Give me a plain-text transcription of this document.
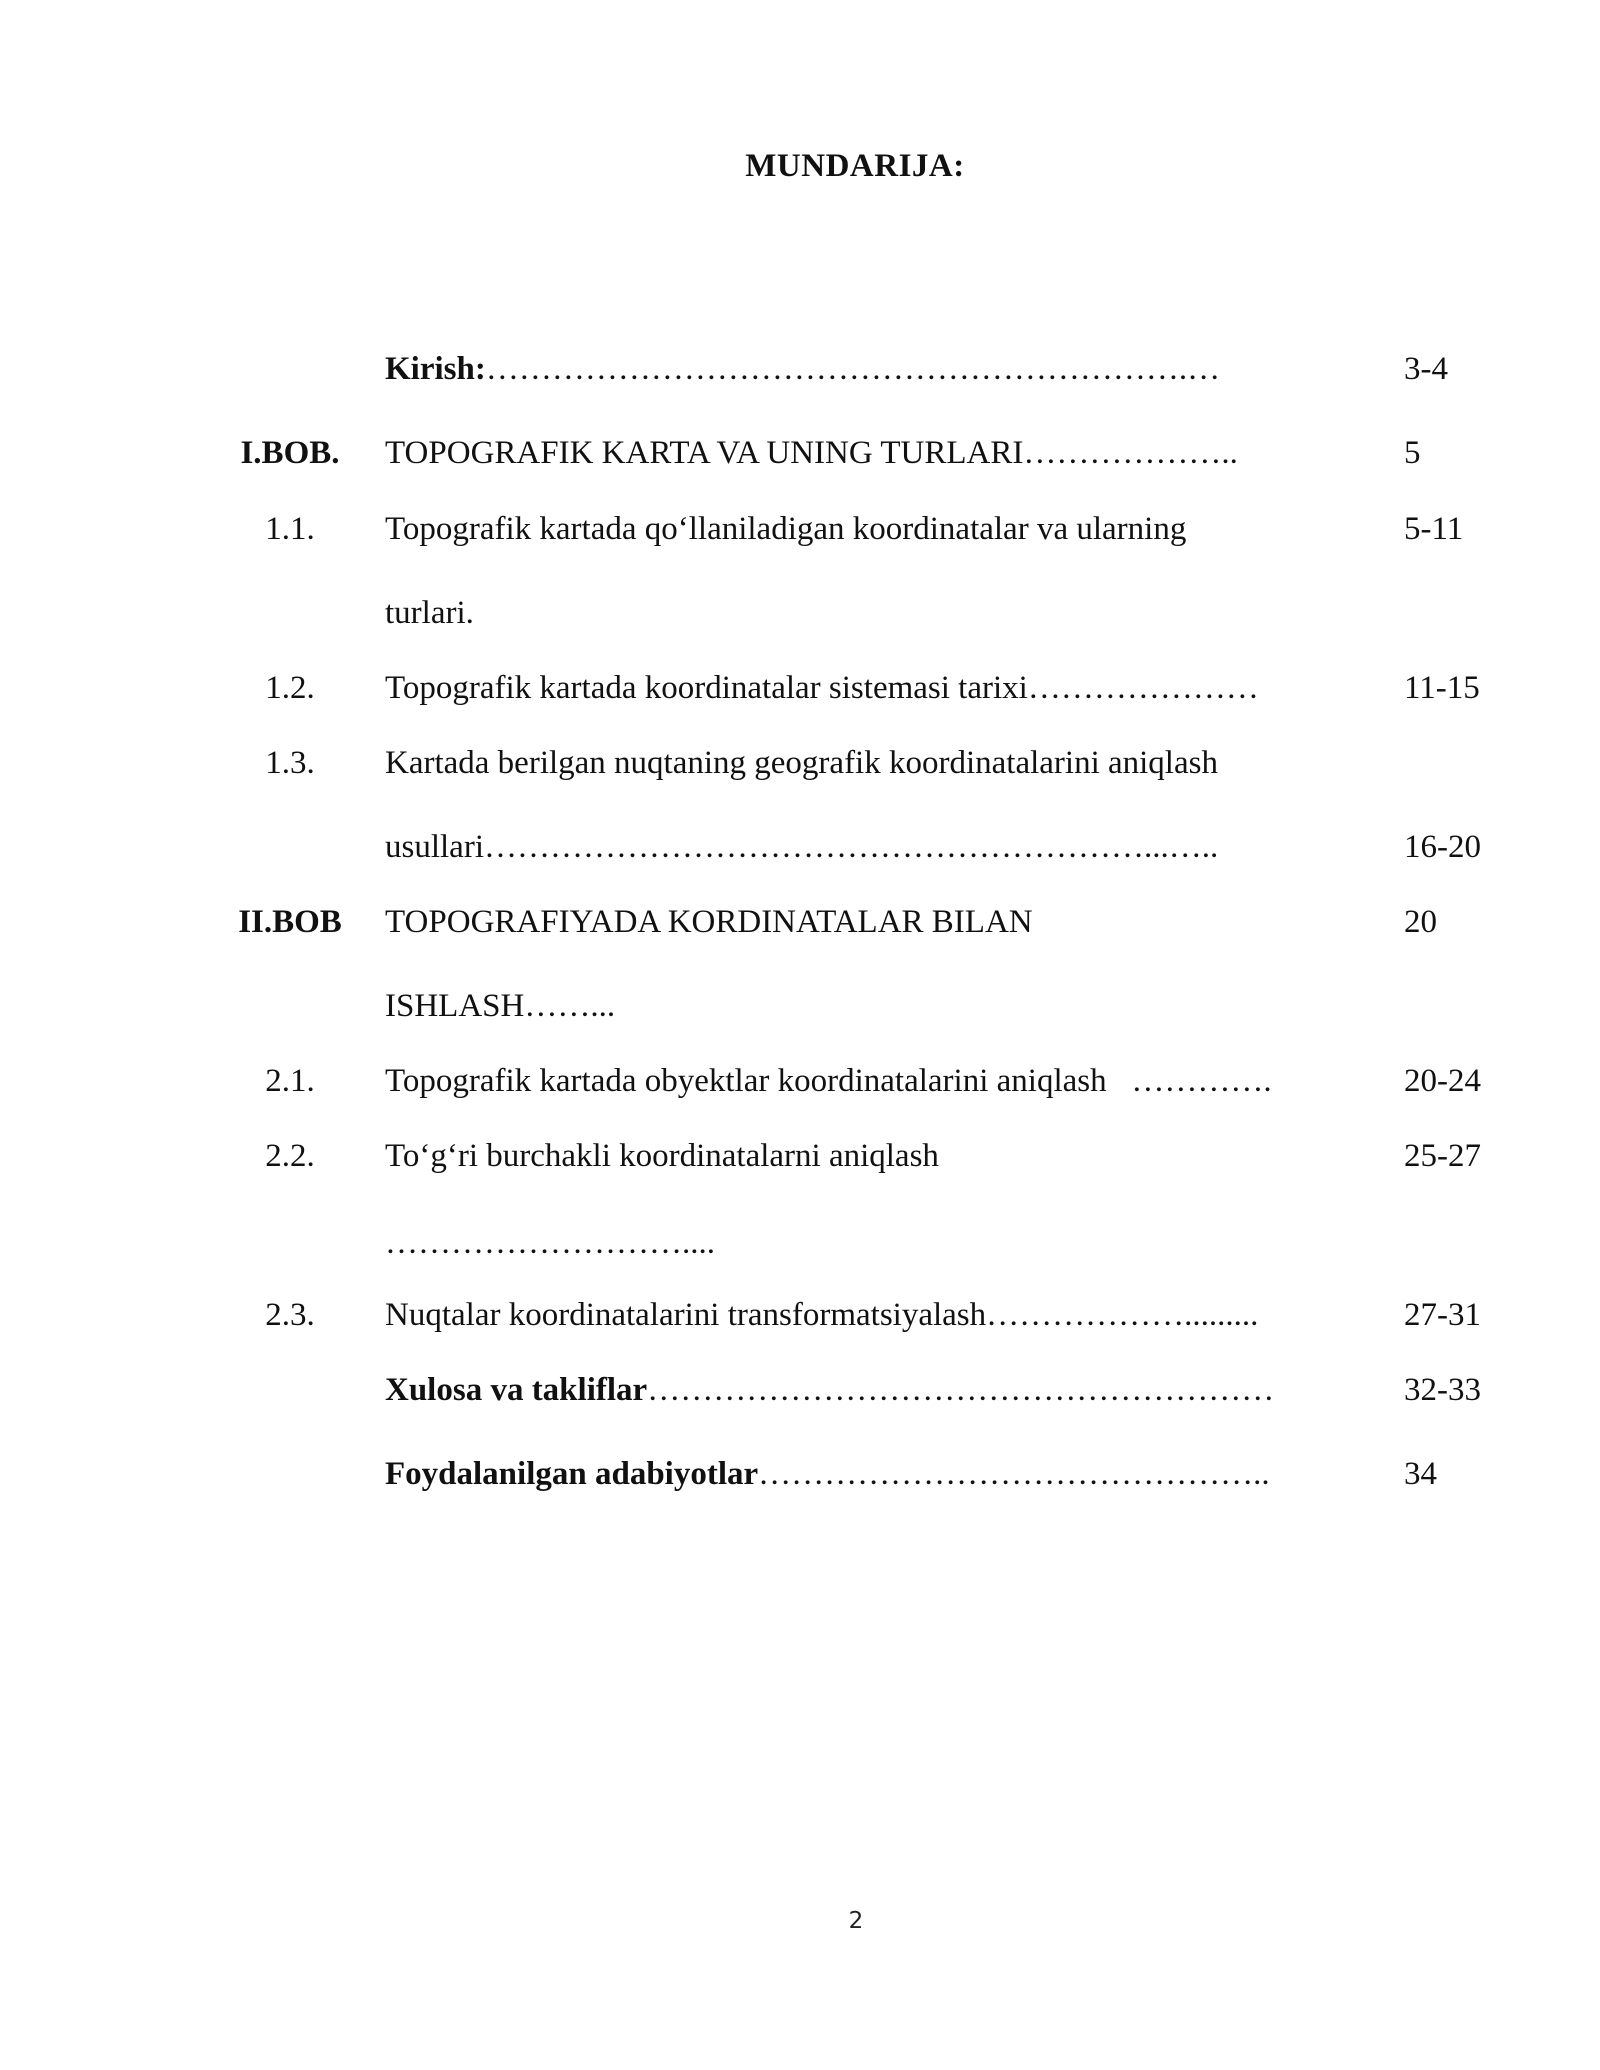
MUNDARIJA:
Kirish:……………………………………………………….…	3-4
I.BOB. TOPOGRAFIK KARTA VA UNING TURLARI………………..	5
1.1.	Topografik kartada qo‘llaniladigan koordinatalar va ularning	5-11
turlari.
1.2.	Topografik kartada koordinatalar sistemasi tarixi…………………	11-15
1.3.	Kartada berilgan nuqtaning geografik koordinatalarini aniqlash
usullari……………………………………………………...…..	16-20
II.BOB TOPOGRAFIYADA KORDINATALAR BILAN	20
ISHLASH……...
2.1.	Topografik kartada obyektlar koordinatalarini aniqlash   ………….	20-24
2.2.	To‘g‘ri burchakli koordinatalarni aniqlash	25-27
………………………....
2.3.	Nuqtalar koordinatalarini transformatsiyalash……………….........	27-31
Xulosa va takliflar…………………………………………………	32-33
Foydalanilgan adabiyotlar………………………………………..	34
2
